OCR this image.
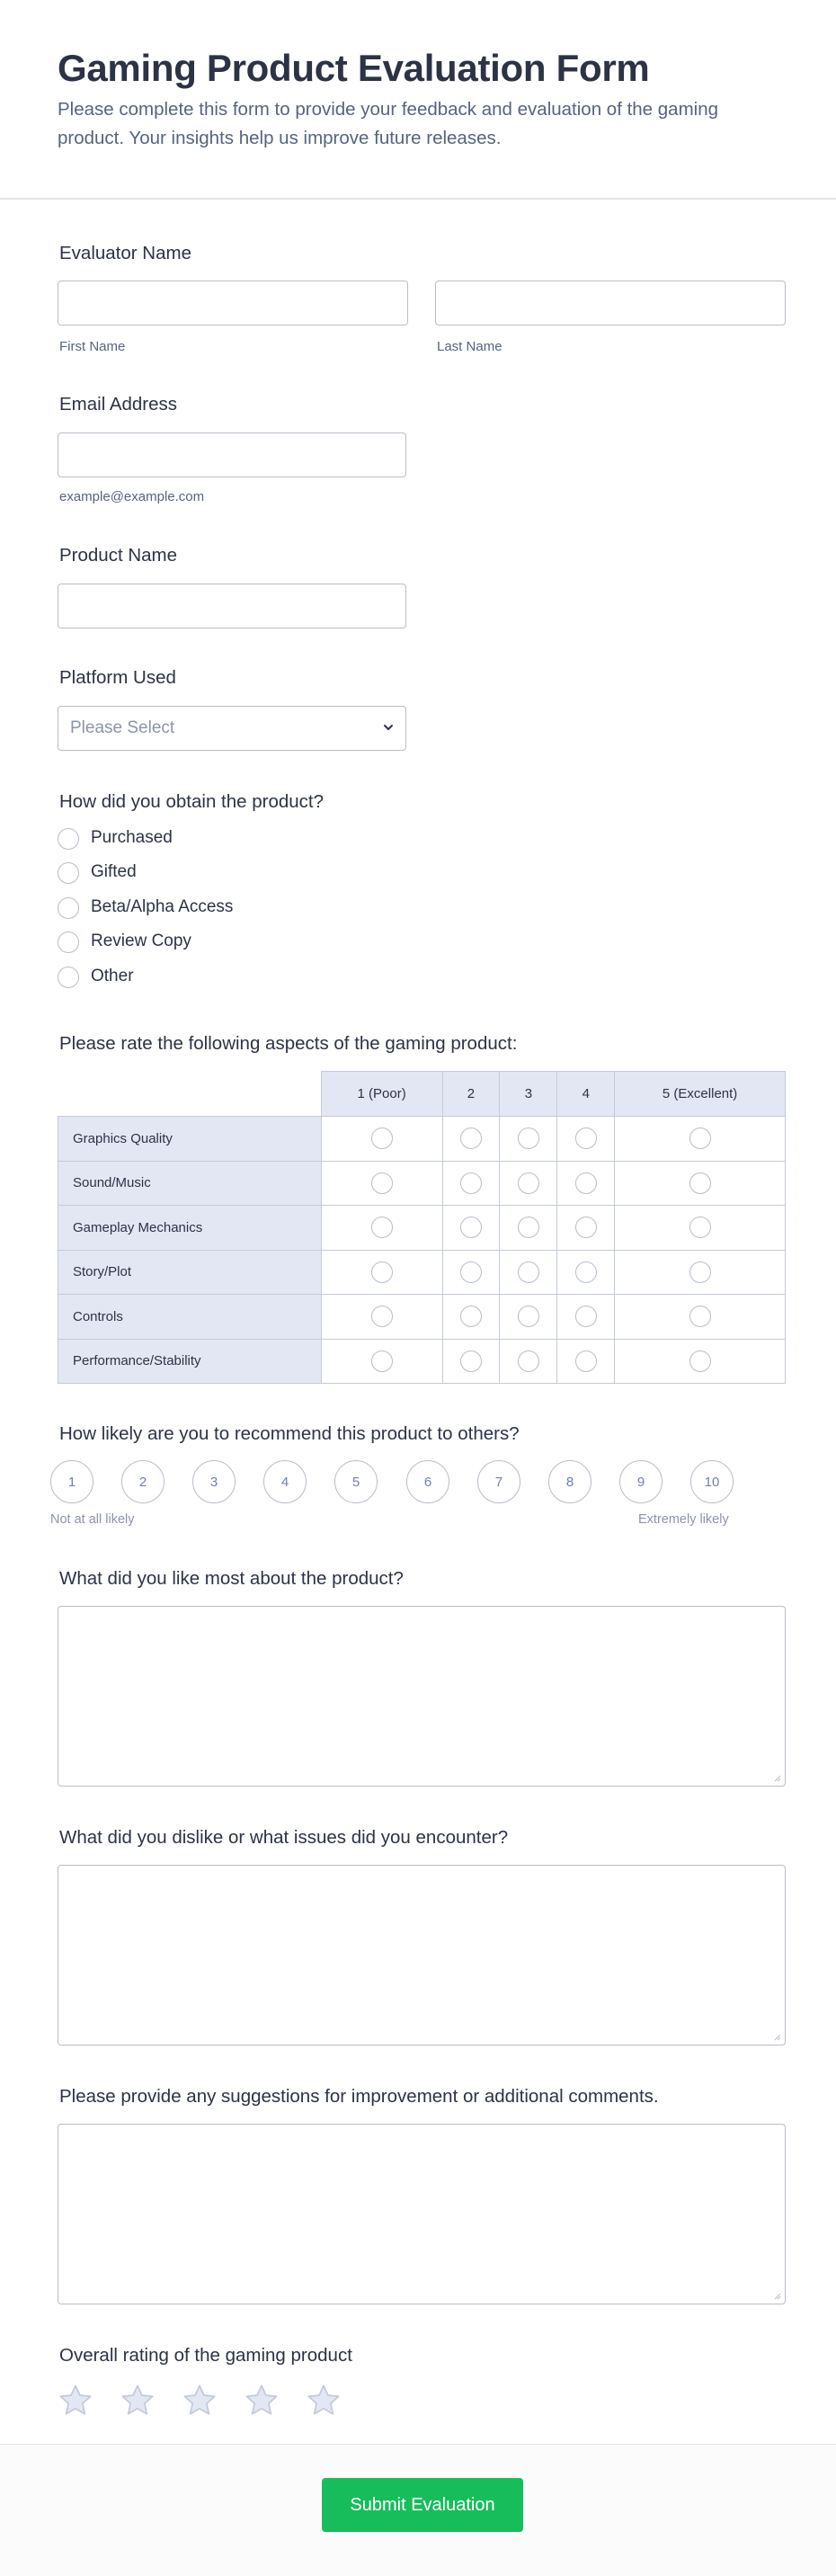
Gaming Product Evaluation Form

Please complete this form to provide your feedback and evaluation of the gaming product. Your insights help us improve future releases.

Evaluator Name
First Name	Last Name
Email Address
example@example.com
Product Name
Platform Used
Please Select
How did you obtain the product?
Purchased
Gifted
Beta/Alpha Access
Review Copy
Other
Please rate the following aspects of the gaming product:
	1 (Poor)	2	3	4	5 (Excellent)
Graphics Quality					
Sound/Music					
Gameplay Mechanics					
Story/Plot					
Controls					
Performance/Stability					
How likely are you to recommend this product to others?
1	2	3	4	5	6	7	8	9	10
Not at all likely	Extremely likely
What did you like most about the product?
What did you dislike or what issues did you encounter?
Please provide any suggestions for improvement or additional comments.
Overall rating of the gaming product
Submit Evaluation
